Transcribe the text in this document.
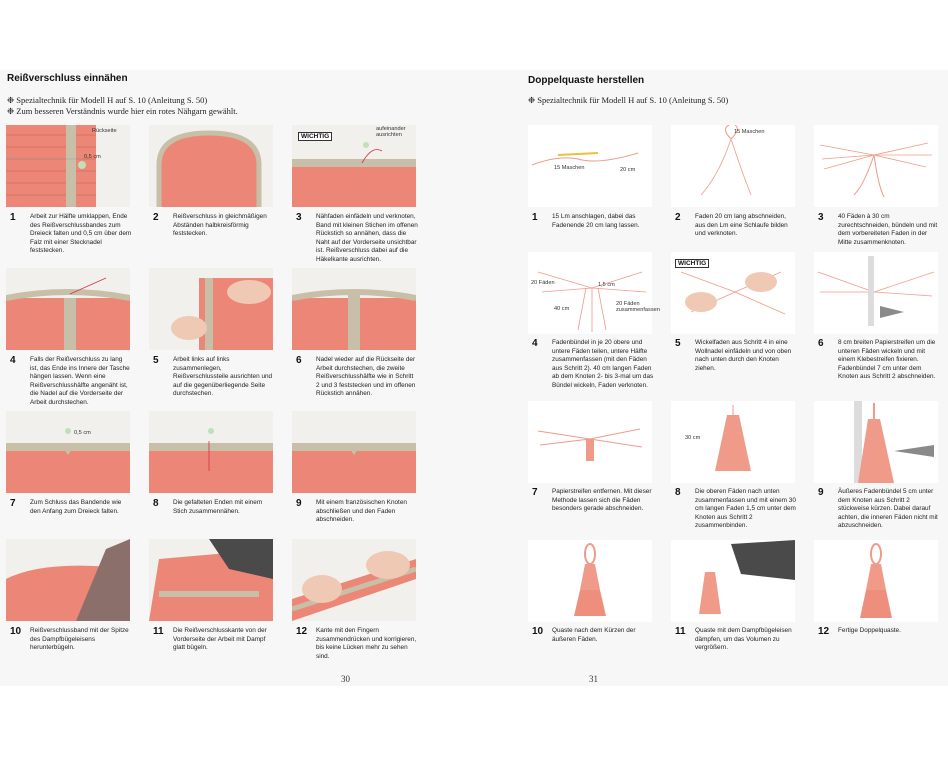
Reißverschluss einnähen
❉ Spezialtechnik für Modell H auf S. 10 (Anleitung S. 50)
❉ Zum besseren Verständnis wurde hier ein rotes Nähgarn gewählt.
WICHTIG
aufeinander ausrichten
Rückseite
0,5 cm
1	Arbeit zur Hälfte umklappen, Ende des Reißverschlussbandes zum Dreieck falten und 0,5 cm über dem Falz mit einer Stecknadel feststecken.
2	Reißverschluss in gleichmäßigen Abständen halbkreisförmig feststecken.
3	Nähfaden einfädeln und verknoten, Band mit kleinen Stichen im offenen Rückstich so annähen, dass die Naht auf der Vorderseite unsichtbar ist. Reißverschluss dabei auf die Häkelkante ausrichten.
4	Falls der Reißverschluss zu lang ist, das Ende ins Innere der Tasche hängen lassen. Wenn eine Reißverschlusshälfte angenäht ist, die Nadel auf die Vorderseite der Arbeit durchstechen.
5	Arbeit links auf links zusammenlegen, Reißverschlussteile ausrichten und auf die gegenüberliegende Seite durchstechen.
6	Nadel wieder auf die Rückseite der Arbeit durchstechen, die zweite Reißverschlusshälfte wie in Schritt 2 und 3 feststecken und im offenen Rückstich annähen.
0,5 cm
7	Zum Schluss das Bandende wie den Anfang zum Dreieck falten.
8	Die gefalteten Enden mit einem Stich zusammennähen.
9	Mit einem französischen Knoten abschließen und den Faden abschneiden.
10	Reißverschlussband mit der Spitze des Dampfbügeleisens herunterbügeln.
11	Die Reißverschlusskante von der Vorderseite der Arbeit mit Dampf glatt bügeln.
12	Kante mit den Fingern zusammendrücken und korrigieren, bis keine Lücken mehr zu sehen sind.
30
Doppelquaste herstellen
❉ Spezialtechnik für Modell H auf S. 10 (Anleitung S. 50)
15 Maschen	20 cm
15 Maschen
1	15 Lm anschlagen, dabei das Fadenende 20 cm lang lassen.
2	Faden 20 cm lang abschneiden, aus den Lm eine Schlaufe bilden und verknoten.
3	40 Fäden à 30 cm zurechtschneiden, bündeln und mit dem vorbereiteten Faden in der Mitte zusammenknoten.
WICHTIG
20 Fäden
40 cm
1,5 cm
20 Fäden zusammenfassen
4	Fadenbündel in je 20 obere und untere Fäden teilen, untere Hälfte zusammenfassen (mit den Fäden aus Schritt 2). 40 cm langen Faden ab dem Knoten 2- bis 3-mal um das Bündel wickeln, Faden verknoten.
5	Wickelfaden aus Schritt 4 in eine Wollnadel einfädeln und von oben nach unten durch den Knoten ziehen.
6	8 cm breiten Papierstreifen um die unteren Fäden wickeln und mit einem Klebestreifen fixieren. Fadenbündel 7 cm unter dem Knoten aus Schritt 2 abschneiden.
30 cm
7	Papierstreifen entfernen. Mit dieser Methode lassen sich die Fäden besonders gerade abschneiden.
8	Die oberen Fäden nach unten zusammenfassen und mit einem 30 cm langen Faden 1,5 cm unter dem Knoten aus Schritt 2 zusammenbinden.
9	Äußeres Fadenbündel 5 cm unter dem Knoten aus Schritt 2 stückweise kürzen. Dabei darauf achten, die inneren Fäden nicht mit abzuschneiden.
10	Quaste nach dem Kürzen der äußeren Fäden.
11	Quaste mit dem Dampfbügeleisen dämpfen, um das Volumen zu vergrößern.
12	Fertige Doppelquaste.
31
